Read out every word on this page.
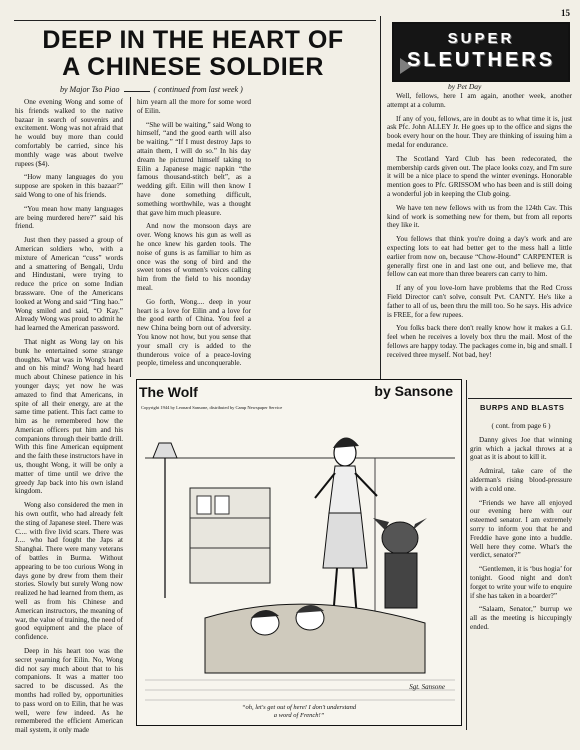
15
DEEP IN THE HEART OF
A CHINESE SOLDIER
by Major Tso Piao	( continued from last week )

One evening Wong and some of his friends walked to the native bazaar in search of souvenirs and excitement. Wong was not afraid that he would buy more than could comfortably be carried, since his monthly wage was about twelve rupees ($4).

“How many languages do you suppose are spoken in this bazaar?” said Wong to one of his friends.

“You mean how many languages are being murdered here?” said his friend.

Just then they passed a group of American soldiers who, with a mixture of American “cuss” words and a smattering of Bengali, Urdu and Hindustani, were trying to reduce the price on some Indian brassware. One of the Americans looked at Wong and said “Ting hao.” Wong smiled and said, “O Kay.” Already Wong was proud to admit he had learned the American password.

That night as Wong lay on his bunk he entertained some strange thoughts. What was in Wong's heart and on his mind? Wong had heard much about Chinese patience in his younger days; yet now he was amazed to find that Americans, in spite of all their energy, are at the same time patient. This fact came to him as he remembered how the American officers put him and his companions through their battle drill. With this fine American equipment and the faith these instructors have in us, thought Wong, it will be only a matter of time until we drive the greedy Jap back into his own island kingdom.

Wong also considered the men in his own outfit, who had already felt the sting of Japanese steel. There was C.... with five livid scars. There was J.... who had fought the Japs at Shanghai. There were many veterans of battles in Burma. Without appearing to be too curious Wong in days gone by drew from them their stories. Slowly but surely Wong now realized he had learned from them, as well as from his Chinese and American instructors, the meaning of war, the value of training, the need of good equipment and the place of confidence.

Deep in his heart too was the secret yearning for Eilin. No, Wong did not say much about that to his companions. It was a matter too sacred to be discussed. As the months had rolled by, opportunities to pass word on to Eilin, that he was well, were few indeed. As he remembered the efficient American mail system, it only made

him yearn all the more for some word of Eilin.

“She will be waiting,” said Wong to himself, “and the good earth will also be waiting.” “If I must destroy Japs to attain them, I will do so.” In his day dream he pictured himself taking to Eilin a Japanese magic napkin “the famous thousand-stitch belt”, as a wedding gift. Eilin will then know I have done something difficult, something worthwhile, was a thought that gave him much pleasure.

And now the monsoon days are over. Wong knows his gun as well as he once knew his garden tools. The noise of guns is as familiar to him as once was the song of bird and the sweet tones of women's voices calling him from the field to his noonday meal.

Go forth, Wong.... deep in your heart is a love for Eilin and a love for the good earth of China. You feel a new China being born out of adversity. You know not how, but you sense that your small cry is added to the thunderous voice of a peace-loving people, timeless and unconquerable.

SUPER
SLEUTHERS
by Pet Day

Well, fellows, here I am again, another week, another attempt at a column.

If any of you, fellows, are in doubt as to what time it is, just ask Pfc. John ALLEY Jr. He goes up to the office and signs the book every hour on the hour. They are thinking of issuing him a medal for endurance.

The Scotland Yard Club has been redecorated, the membership cards given out. The place looks cozy, and I'm sure it will be a nice place to spend the winter evenings. Honorable mention goes to Pfc. GRISSOM who has been and is still doing a wonderful job in keeping the Club going.

We have ten new fellows with us from the 124th Cav. This kind of work is something new for them, but from all reports they like it.

You fellows that think you're doing a day's work and are expecting lots to eat had better get to the mess hall a little earlier from now on, because “Chow-Hound” CARPENTER is generally first one in and last one out, and believe me, that fellow can eat more than three bearers can carry to him.

If any of you love-lorn have problems that the Red Cross Field Director can't solve, consult Pvt. CANTY. He's like a father to all of us, been thru the mill too. So he says. His advice is FREE, for a few rupees.

You folks back there don't really know how it makes a G.I. feel when he receives a lovely box thru the mail. Most of the fellows are happy today. The packages come in, big and small. I received three myself. Not bad, hey!

BURPS AND BLASTS

( cont. from page 6 )

Danny gives Joe that winning grin which a jackal throws at a goat as it is about to kill it.

Admiral, take care of the alderman's rising blood-pressure with a cold one.

“Friends we have all enjoyed our evening here with our esteemed senator. I am extremely sorry to inform you that he and Freddie have gone into a huddle. Well here they come. What's the verdict, senator?”

“Gentlemen, it is ‘bus hogia’ for tonight. Good night and don't forget to write your wife to enquire if she has taken in a boarder?”

“Salaam, Senator,” burrup we all as the meeting is hiccupingly ended.

The Wolf	by Sansone
Copyright 1944 by Leonard Sansone, distributed by Camp Newspaper Service
Sgt. Sansone
“oh, let's get out of here! I don't understand
a word of French!”
